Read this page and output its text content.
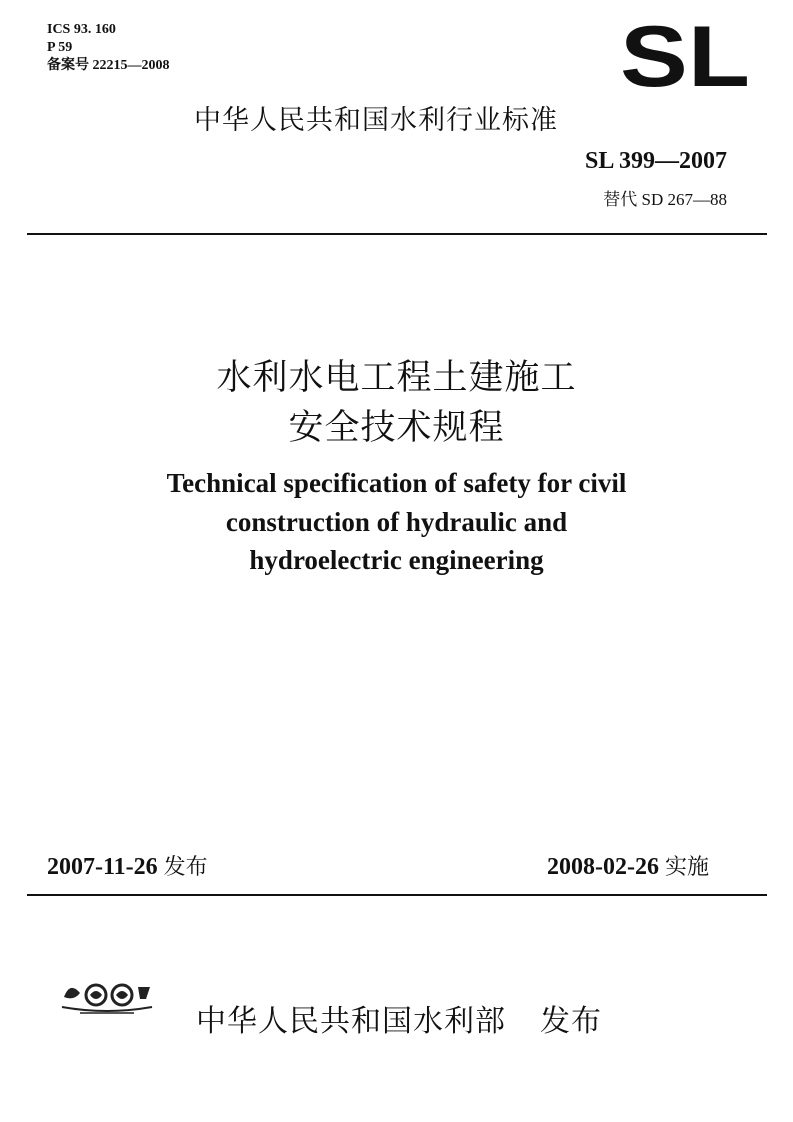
ICS 93. 160
P 59
备案号 22215—2008	SL
中华人民共和国水利行业标准
SL 399—2007
替代 SD 267—88
水利水电工程土建施工
安全技术规程
Technical specification of safety for civil
construction of hydraulic and
hydroelectric engineering
2007-11-26 发布	2008-02-26 实施
中华人民共和国水利部 发布
